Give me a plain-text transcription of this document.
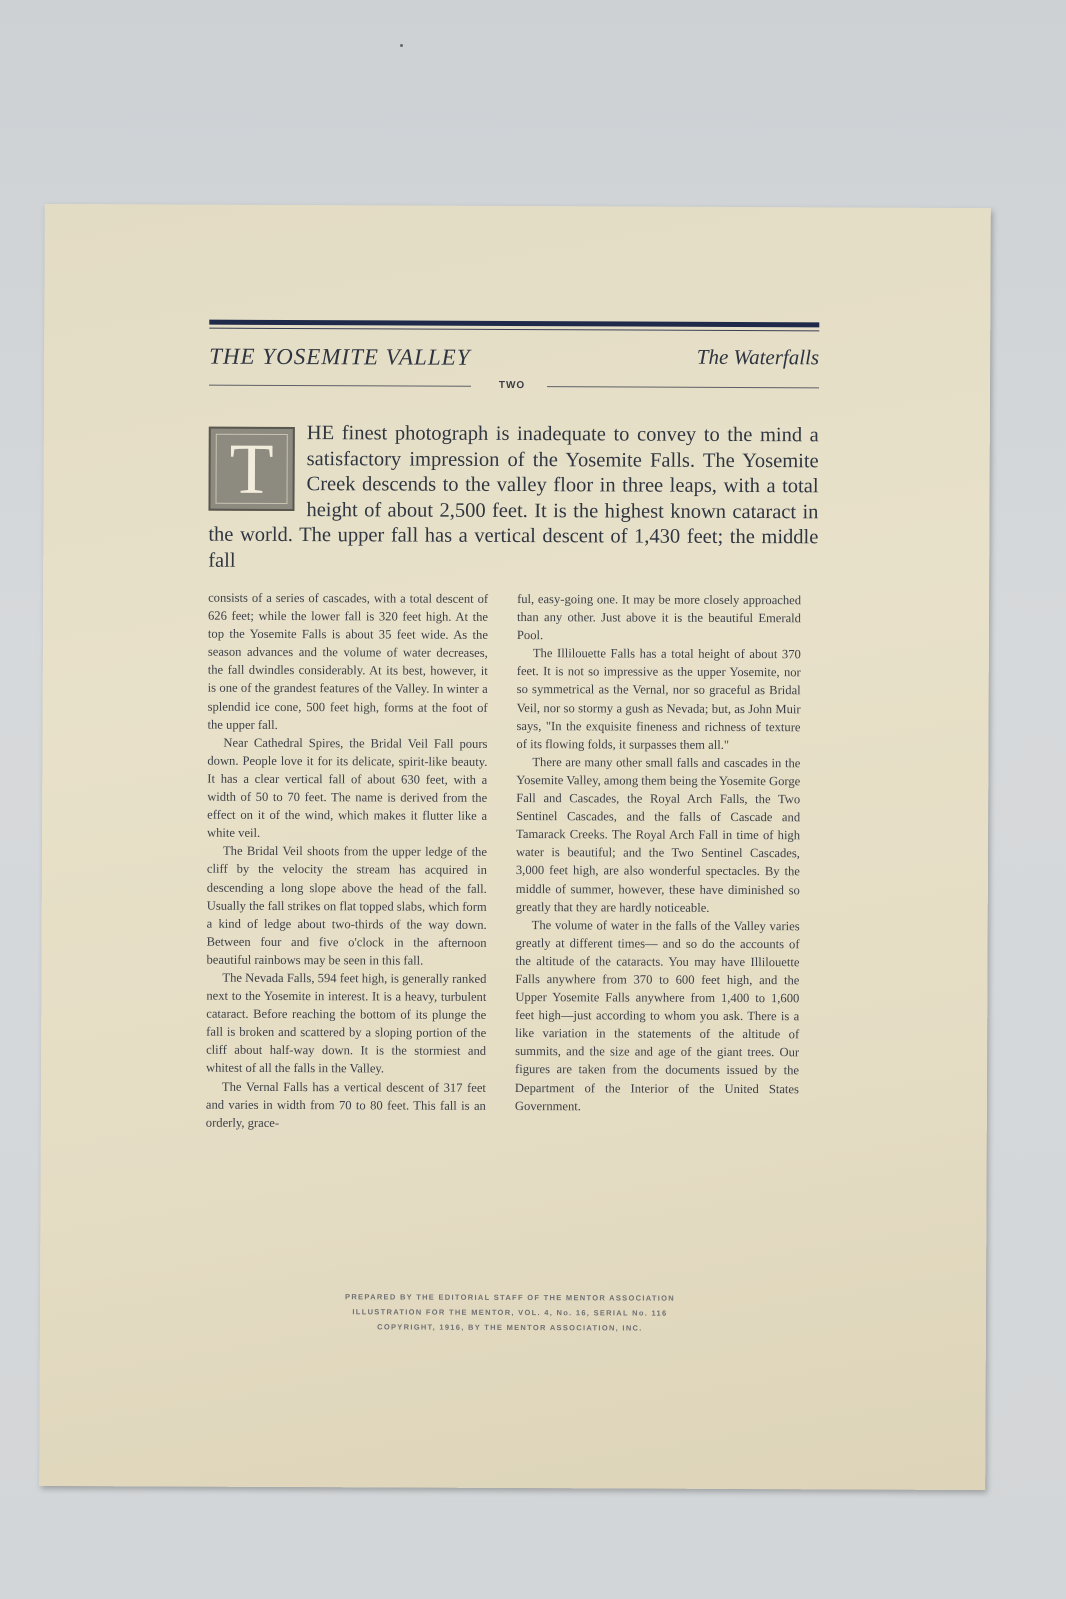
THE YOSEMITE VALLEY	The Waterfalls
TWO
T	HE finest photograph is inadequate to convey to the mind a satisfactory impression of the Yosemite Falls. The Yosemite Creek descends to the valley floor in three leaps, with a total height of about 2,500 feet. It is the highest known cataract in the world. The upper fall has a vertical descent of 1,430 feet; the middle fall

consists of a series of cascades, with a total descent of 626 feet; while the lower fall is 320 feet high. At the top the Yosemite Falls is about 35 feet wide. As the season advances and the volume of water decreases, the fall dwindles considerably. At its best, however, it is one of the grandest features of the Valley. In winter a splendid ice cone, 500 feet high, forms at the foot of the upper fall.

Near Cathedral Spires, the Bridal Veil Fall pours down. People love it for its delicate, spirit-like beauty. It has a clear vertical fall of about 630 feet, with a width of 50 to 70 feet. The name is derived from the effect on it of the wind, which makes it flutter like a white veil.

The Bridal Veil shoots from the upper ledge of the cliff by the velocity the stream has acquired in descending a long slope above the head of the fall. Usually the fall strikes on flat topped slabs, which form a kind of ledge about two-thirds of the way down. Between four and five o'clock in the afternoon beautiful rainbows may be seen in this fall.

The Nevada Falls, 594 feet high, is generally ranked next to the Yosemite in interest. It is a heavy, turbulent cataract. Before reaching the bottom of its plunge the fall is broken and scattered by a sloping portion of the cliff about half-way down. It is the stormiest and whitest of all the falls in the Valley.

The Vernal Falls has a vertical descent of 317 feet and varies in width from 70 to 80 feet. This fall is an orderly, grace-

ful, easy-going one. It may be more closely approached than any other. Just above it is the beautiful Emerald Pool.

The Illilouette Falls has a total height of about 370 feet. It is not so impressive as the upper Yosemite, nor so symmetrical as the Vernal, nor so graceful as Bridal Veil, nor so stormy a gush as Nevada; but, as John Muir says, "In the exquisite fineness and richness of texture of its flowing folds, it surpasses them all."

There are many other small falls and cascades in the Yosemite Valley, among them being the Yosemite Gorge Fall and Cascades, the Royal Arch Falls, the Two Sentinel Cascades, and the falls of Cascade and Tamarack Creeks. The Royal Arch Fall in time of high water is beautiful; and the Two Sentinel Cascades, 3,000 feet high, are also wonderful spectacles. By the middle of summer, however, these have diminished so greatly that they are hardly noticeable.

The volume of water in the falls of the Valley varies greatly at different times— and so do the accounts of the altitude of the cataracts. You may have Illilouette Falls anywhere from 370 to 600 feet high, and the Upper Yosemite Falls anywhere from 1,400 to 1,600 feet high—just according to whom you ask. There is a like variation in the statements of the altitude of summits, and the size and age of the giant trees. Our figures are taken from the documents issued by the Department of the Interior of the United States Government.

PREPARED BY THE EDITORIAL STAFF OF THE MENTOR ASSOCIATION
ILLUSTRATION FOR THE MENTOR, VOL. 4, No. 16, SERIAL No. 116
COPYRIGHT, 1916, BY THE MENTOR ASSOCIATION, INC.
